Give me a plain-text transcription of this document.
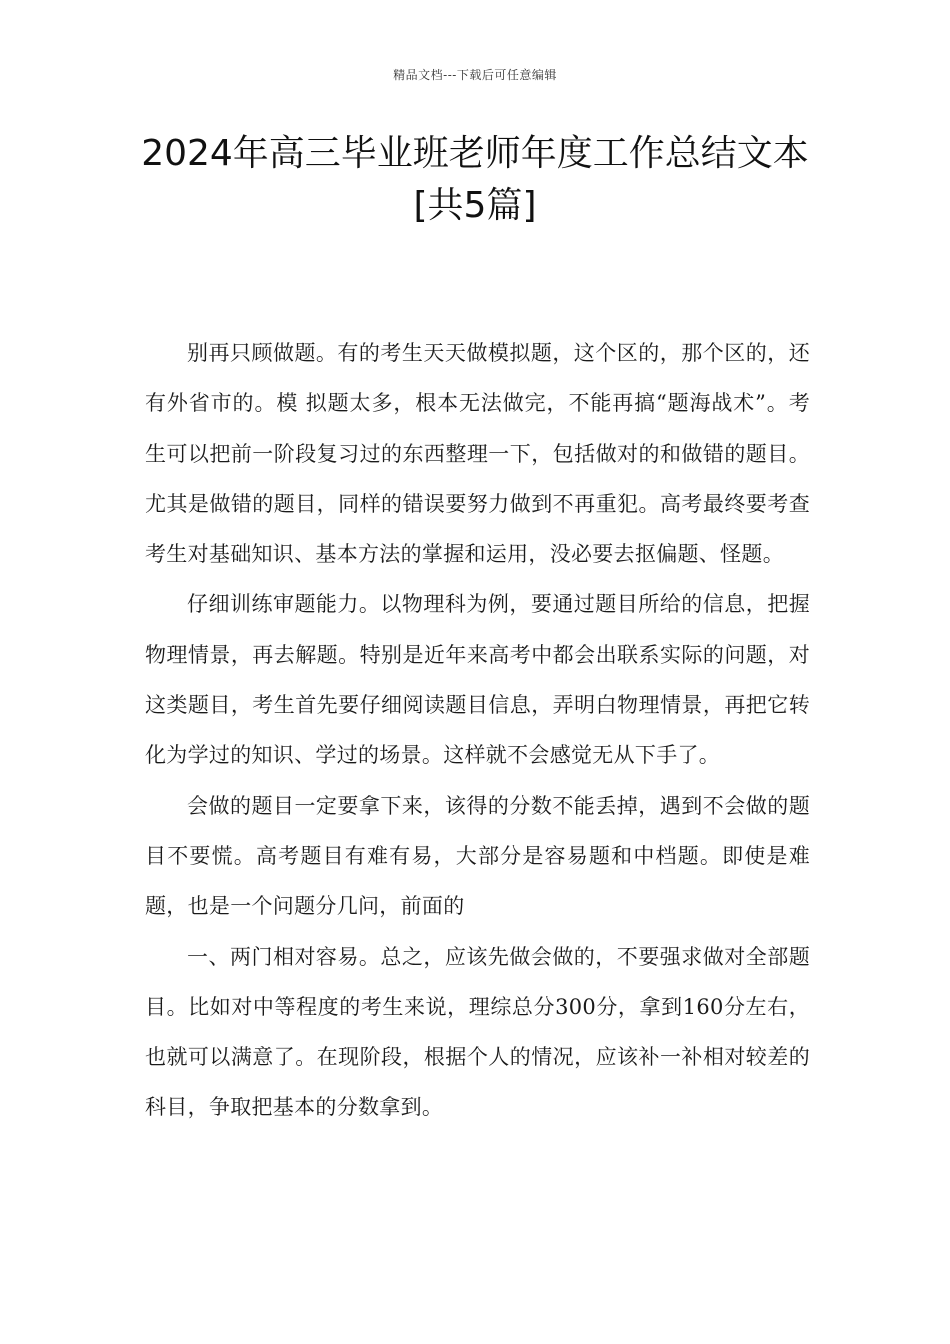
精品文档---下载后可任意编辑
2024年高三毕业班老师年度工作总结文本[共5篇]

别再只顾做题。有的考生天天做模拟题，这个区的，那个区的，还有外省市的。模 拟题太多，根本无法做完，不能再搞“题海战术”。考生可以把前一阶段复习过的东西整理一下，包括做对的和做错的题目。尤其是做错的题目，同样的错误要努力做到不再重犯。高考最终要考查考生对基础知识、基本方法的掌握和运用，没必要去抠偏题、怪题。

仔细训练审题能力。以物理科为例，要通过题目所给的信息，把握物理情景，再去解题。特别是近年来高考中都会出联系实际的问题，对这类题目，考生首先要仔细阅读题目信息，弄明白物理情景，再把它转化为学过的知识、学过的场景。这样就不会感觉无从下手了。

会做的题目一定要拿下来，该得的分数不能丢掉，遇到不会做的题目不要慌。高考题目有难有易，大部分是容易题和中档题。即使是难题，也是一个问题分几问，前面的

一、两门相对容易。总之，应该先做会做的，不要强求做对全部题目。比如对中等程度的考生来说，理综总分300分，拿到160分左右，也就可以满意了。在现阶段，根据个人的情况，应该补一补相对较差的科目，争取把基本的分数拿到。
